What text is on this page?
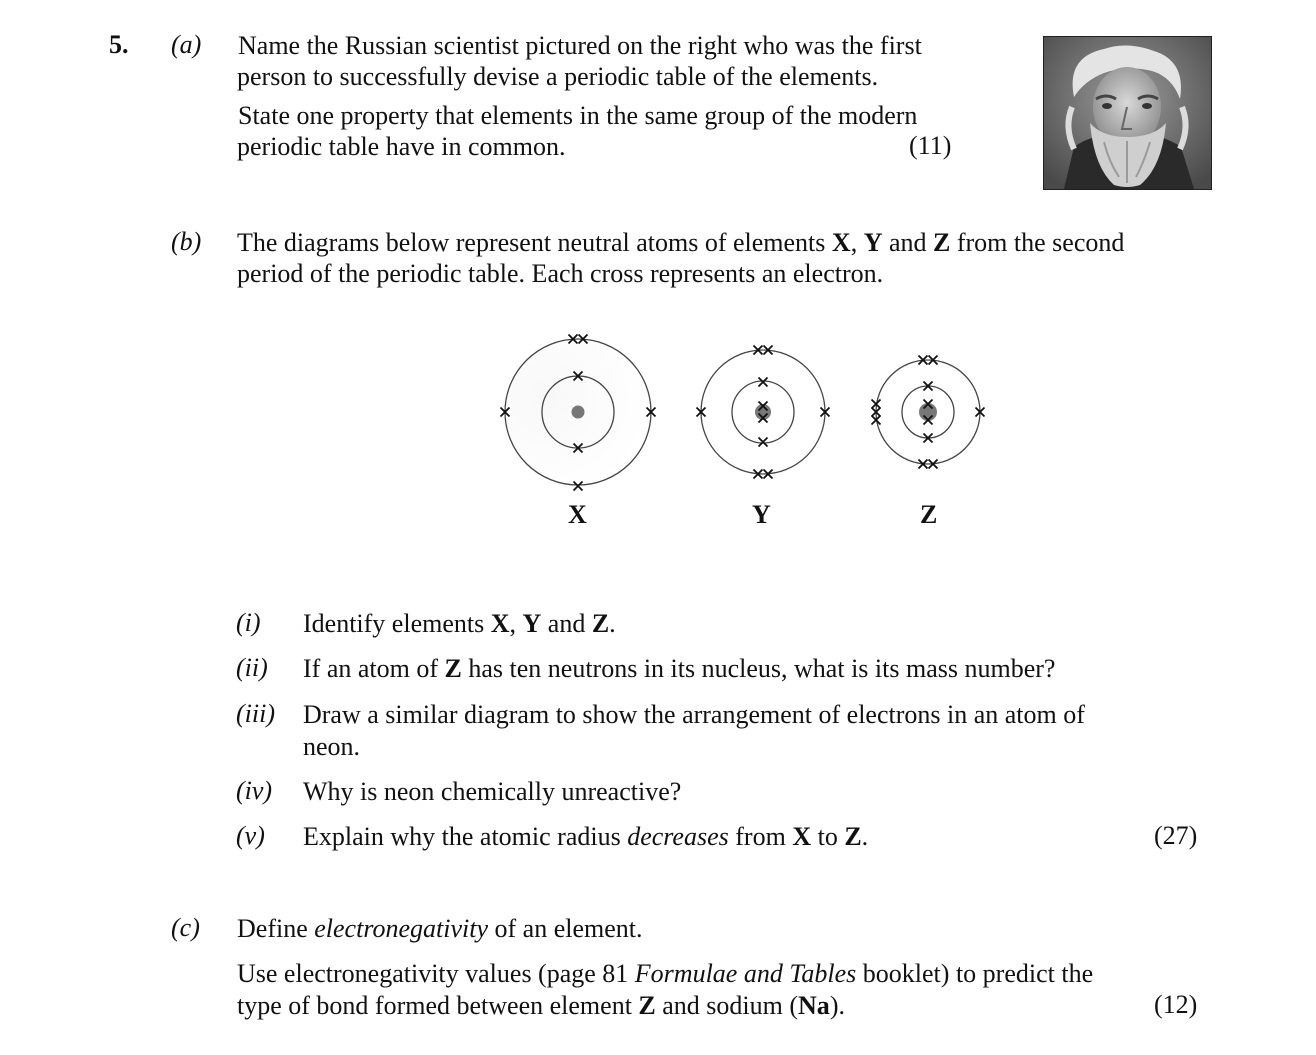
5. (a) Name the Russian scientist pictured on the right who was the first
person to successfully devise a periodic table of the elements.
State one property that elements in the same group of the modern
periodic table have in common.	(11)
(b) The diagrams below represent neutral atoms of elements X, Y and Z from the second
period of the periodic table. Each cross represents an electron.
X	Y	Z
(i) Identify elements X, Y and Z.
(ii) If an atom of Z has ten neutrons in its nucleus, what is its mass number?
(iii) Draw a similar diagram to show the arrangement of electrons in an atom of
neon.
(iv) Why is neon chemically unreactive?
(v) Explain why the atomic radius decreases from X to Z.	(27)
(c) Define electronegativity of an element.
Use electronegativity values (page 81 Formulae and Tables booklet) to predict the
type of bond formed between element Z and sodium (Na).	(12)
